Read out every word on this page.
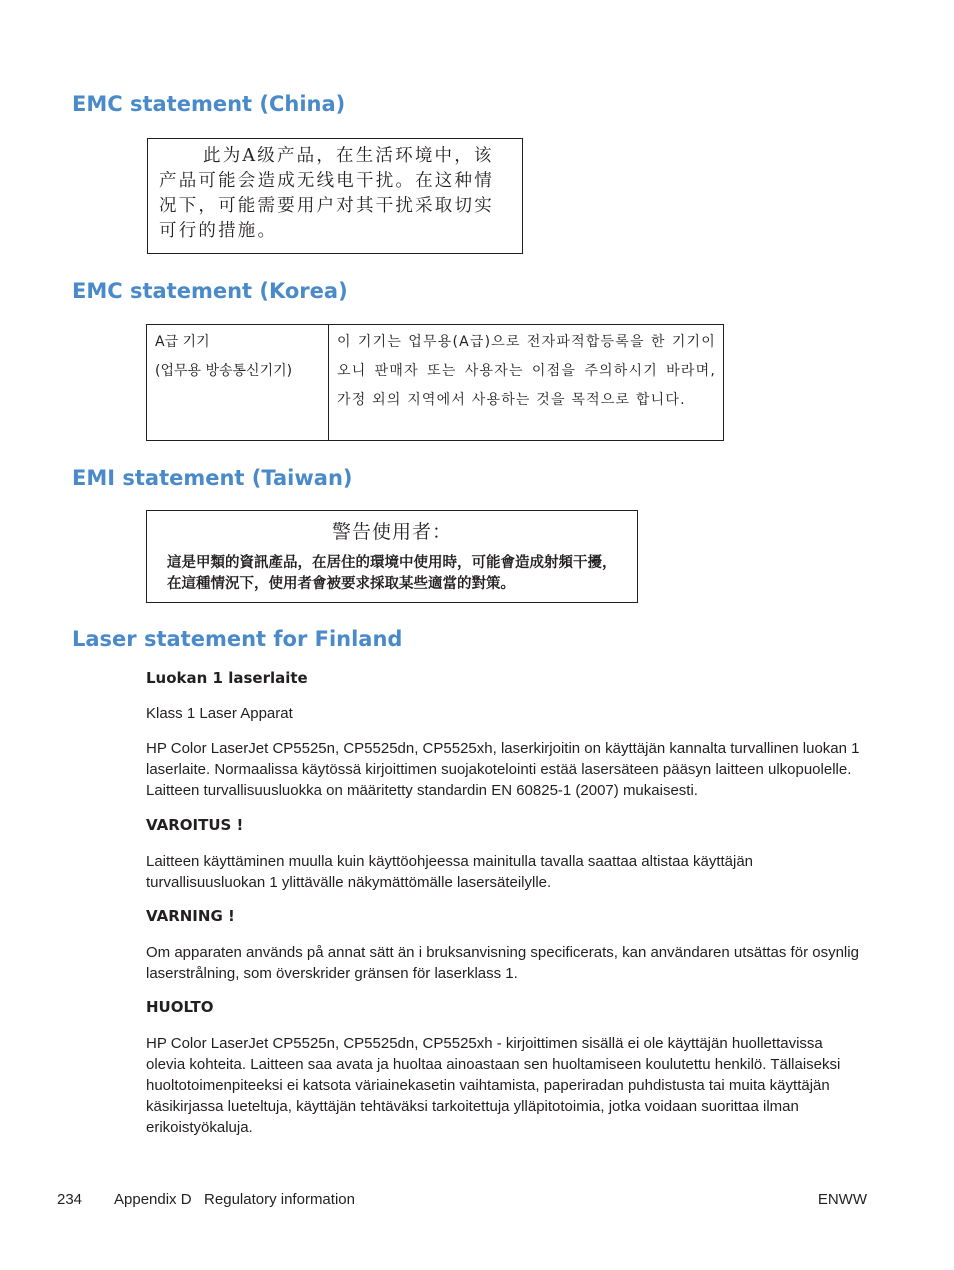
EMC statement (China)
此为A级产品，在生活环境中，该产品可能会造成无线电干扰。在这种情况下，可能需要用户对其干扰采取切实可行的措施。
EMC statement (Korea)
A급 기기
(업무용 방송통신기기)
	이 기기는 업무용(A급)으로 전자파적합등록을 한 기기이오니 판매자 또는 사용자는 이점을 주의하시기 바라며, 가정 외의 지역에서 사용하는 것을 목적으로 합니다.
EMI statement (Taiwan)
警告使用者：
這是甲類的資訊產品，在居住的環境中使用時，可能會造成射頻干擾，在這種情況下，使用者會被要求採取某些適當的對策。
Laser statement for Finland

Luokan 1 laserlaite

Klass 1 Laser Apparat

HP Color LaserJet CP5525n, CP5525dn, CP5525xh, laserkirjoitin on käyttäjän kannalta turvallinen luokan 1 laserlaite. Normaalissa käytössä kirjoittimen suojakotelointi estää lasersäteen pääsyn laitteen ulkopuolelle. Laitteen turvallisuusluokka on määritetty standardin EN 60825-1 (2007) mukaisesti.

VAROITUS !

Laitteen käyttäminen muulla kuin käyttöohjeessa mainitulla tavalla saattaa altistaa käyttäjän turvallisuusluokan 1 ylittävälle näkymättömälle lasersäteilylle.

VARNING !

Om apparaten används på annat sätt än i bruksanvisning specificerats, kan användaren utsättas för osynlig laserstrålning, som överskrider gränsen för laserklass 1.

HUOLTO

HP Color LaserJet CP5525n, CP5525dn, CP5525xh - kirjoittimen sisällä ei ole käyttäjän huollettavissa olevia kohteita. Laitteen saa avata ja huoltaa ainoastaan sen huoltamiseen koulutettu henkilö. Tällaiseksi huoltotoimenpiteeksi ei katsota väriainekasetin vaihtamista, paperiradan puhdistusta tai muita käyttäjän käsikirjassa lueteltuja, käyttäjän tehtäväksi tarkoitettuja ylläpitotoimia, jotka voidaan suorittaa ilman erikoistyökaluja.

234 Appendix D   Regulatory information	ENWW
